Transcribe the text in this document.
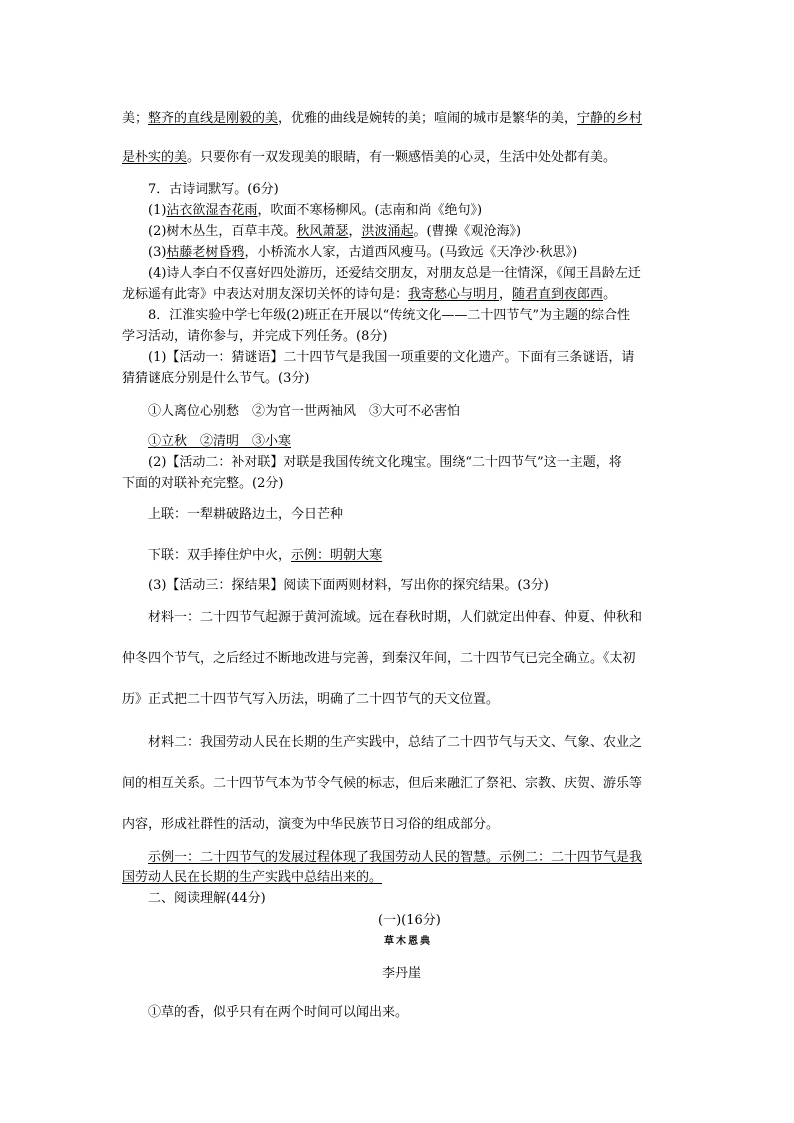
美；整齐的直线是刚毅的美，优雅的曲线是婉转的美；喧闹的城市是繁华的美，宁静的乡村
是朴实的美。只要你有一双发现美的眼睛，有一颗感悟美的心灵，生活中处处都有美。
7．古诗词默写。(6分)
(1)沾衣欲湿杏花雨，吹面不寒杨柳风。(志南和尚《绝句》)
(2)树木丛生，百草丰茂。秋风萧瑟，洪波涌起。(曹操《观沧海》)
(3)枯藤老树昏鸦，小桥流水人家，古道西风瘦马。(马致远《天净沙·秋思》)
(4)诗人李白不仅喜好四处游历，还爱结交朋友，对朋友总是一往情深，《闻王昌龄左迁
龙标遥有此寄》中表达对朋友深切关怀的诗句是：我寄愁心与明月，随君直到夜郎西。
8．江淮实验中学七年级(2)班正在开展以“传统文化——二十四节气”为主题的综合性
学习活动，请你参与，并完成下列任务。(8分)
(1)【活动一：猜谜语】二十四节气是我国一项重要的文化遗产。下面有三条谜语，请
猜猜谜底分别是什么节气。(3分)
①人离位心别愁　②为官一世两袖风　③大可不必害怕
①立秋　②清明　③小寒
(2)【活动二：补对联】对联是我国传统文化瑰宝。围绕“二十四节气”这一主题，将
下面的对联补充完整。(2分)
上联：一犁耕破路边土，今日芒种
下联：双手捧住炉中火，示例：明朝大寒
(3)【活动三：探结果】阅读下面两则材料，写出你的探究结果。(3分)
材料一：二十四节气起源于黄河流域。远在春秋时期，人们就定出仲春、仲夏、仲秋和
仲冬四个节气，之后经过不断地改进与完善，到秦汉年间，二十四节气已完全确立。《太初
历》正式把二十四节气写入历法，明确了二十四节气的天文位置。
材料二：我国劳动人民在长期的生产实践中，总结了二十四节气与天文、气象、农业之
间的相互关系。二十四节气本为节令气候的标志，但后来融汇了祭祀、宗教、庆贺、游乐等
内容，形成社群性的活动，演变为中华民族节日习俗的组成部分。
示例一：二十四节气的发展过程体现了我国劳动人民的智慧。示例二：二十四节气是我
国劳动人民在长期的生产实践中总结出来的。
二、阅读理解(44分)
(一)(16分)
草木恩典
李丹崖
①草的香，似乎只有在两个时间可以闻出来。
